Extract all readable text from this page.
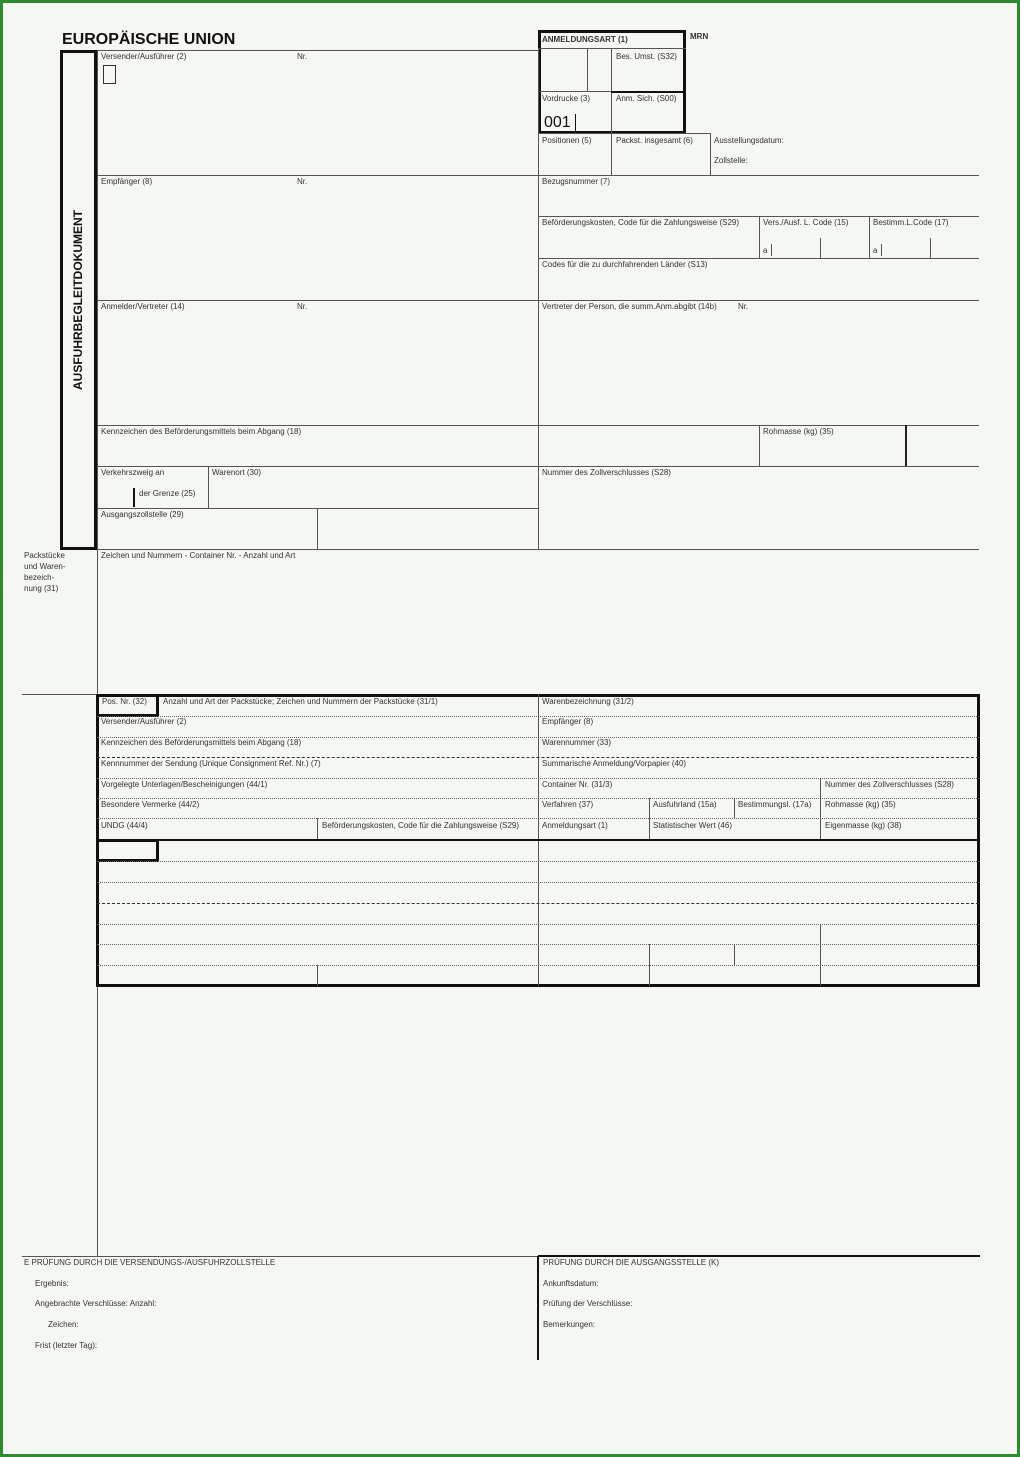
EUROPÄISCHE UNION	MRN
AUSFUHRBEGLEITDOKUMENT
Versender/Ausführer (2)	Nr.
ANMELDUNGSART (1)
Bes. Umst. (S32)
Vordrucke (3)
001
Anm. Sich. (S00)
Positionen (5)	Packst. insgesamt (6)	Ausstellungsdatum:
Zollstelle:
Empfänger (8)	Nr.	Bezugsnummer (7)
Beförderungskosten, Code für die Zahlungsweise (S29)	Vers./Ausf. L. Code (15)	Bestimm.L.Code (17)
a	a
Codes für die zu durchfahrenden Länder (S13)
Anmelder/Vertreter (14)	Nr.	Vertreter der Person, die summ.Anm.abgibt (14b)	Nr.
Kennzeichen des Beförderungsmittels beim Abgang (18)	Rohmasse (kg) (35)
Verkehrszweig an	Warenort (30)
der Grenze (25)
Nummer des Zollverschlusses (S28)
Ausgangszollstelle (29)
Packstücke
und Waren-
bezeich-
nung (31)
Zeichen und Nummern - Container Nr. - Anzahl und Art
Pos. Nr. (32) Anzahl und Art der Packstücke; Zeichen und Nummern der Packstücke (31/1)	Warenbezeichnung (31/2)
Versender/Ausführer (2)	Empfänger (8)
Kennzeichen des Beförderungsmittels beim Abgang (18)	Warennummer (33)
Kennnummer der Sendung (Unique Consignment Ref. Nr.) (7)	Summarische Anmeldung/Vorpapier (40)
Vorgelegte Unterlagen/Bescheinigungen (44/1)	Container Nr. (31/3)	Nummer des Zollverschlusses (S28)
Besondere Vermerke (44/2)	Verfahren (37)	Ausfuhrland (15a)	Bestimmungsl. (17a) Rohmasse (kg) (35)
UNDG (44/4)	Beförderungskosten, Code für die Zahlungsweise (S29)	Anmeldungsart (1)	Statistischer Wert (46)	Eigenmasse (kg) (38)
E PRÜFUNG DURCH DIE VERSENDUNGS-/AUSFUHRZOLLSTELLE
Ergebnis:
Angebrachte Verschlüsse: Anzahl:
Zeichen:
Frist (letzter Tag):
PRÜFUNG DURCH DIE AUSGANGSSTELLE (K)
Ankunftsdatum:
Prüfung der Verschlüsse:
Bemerkungen:
